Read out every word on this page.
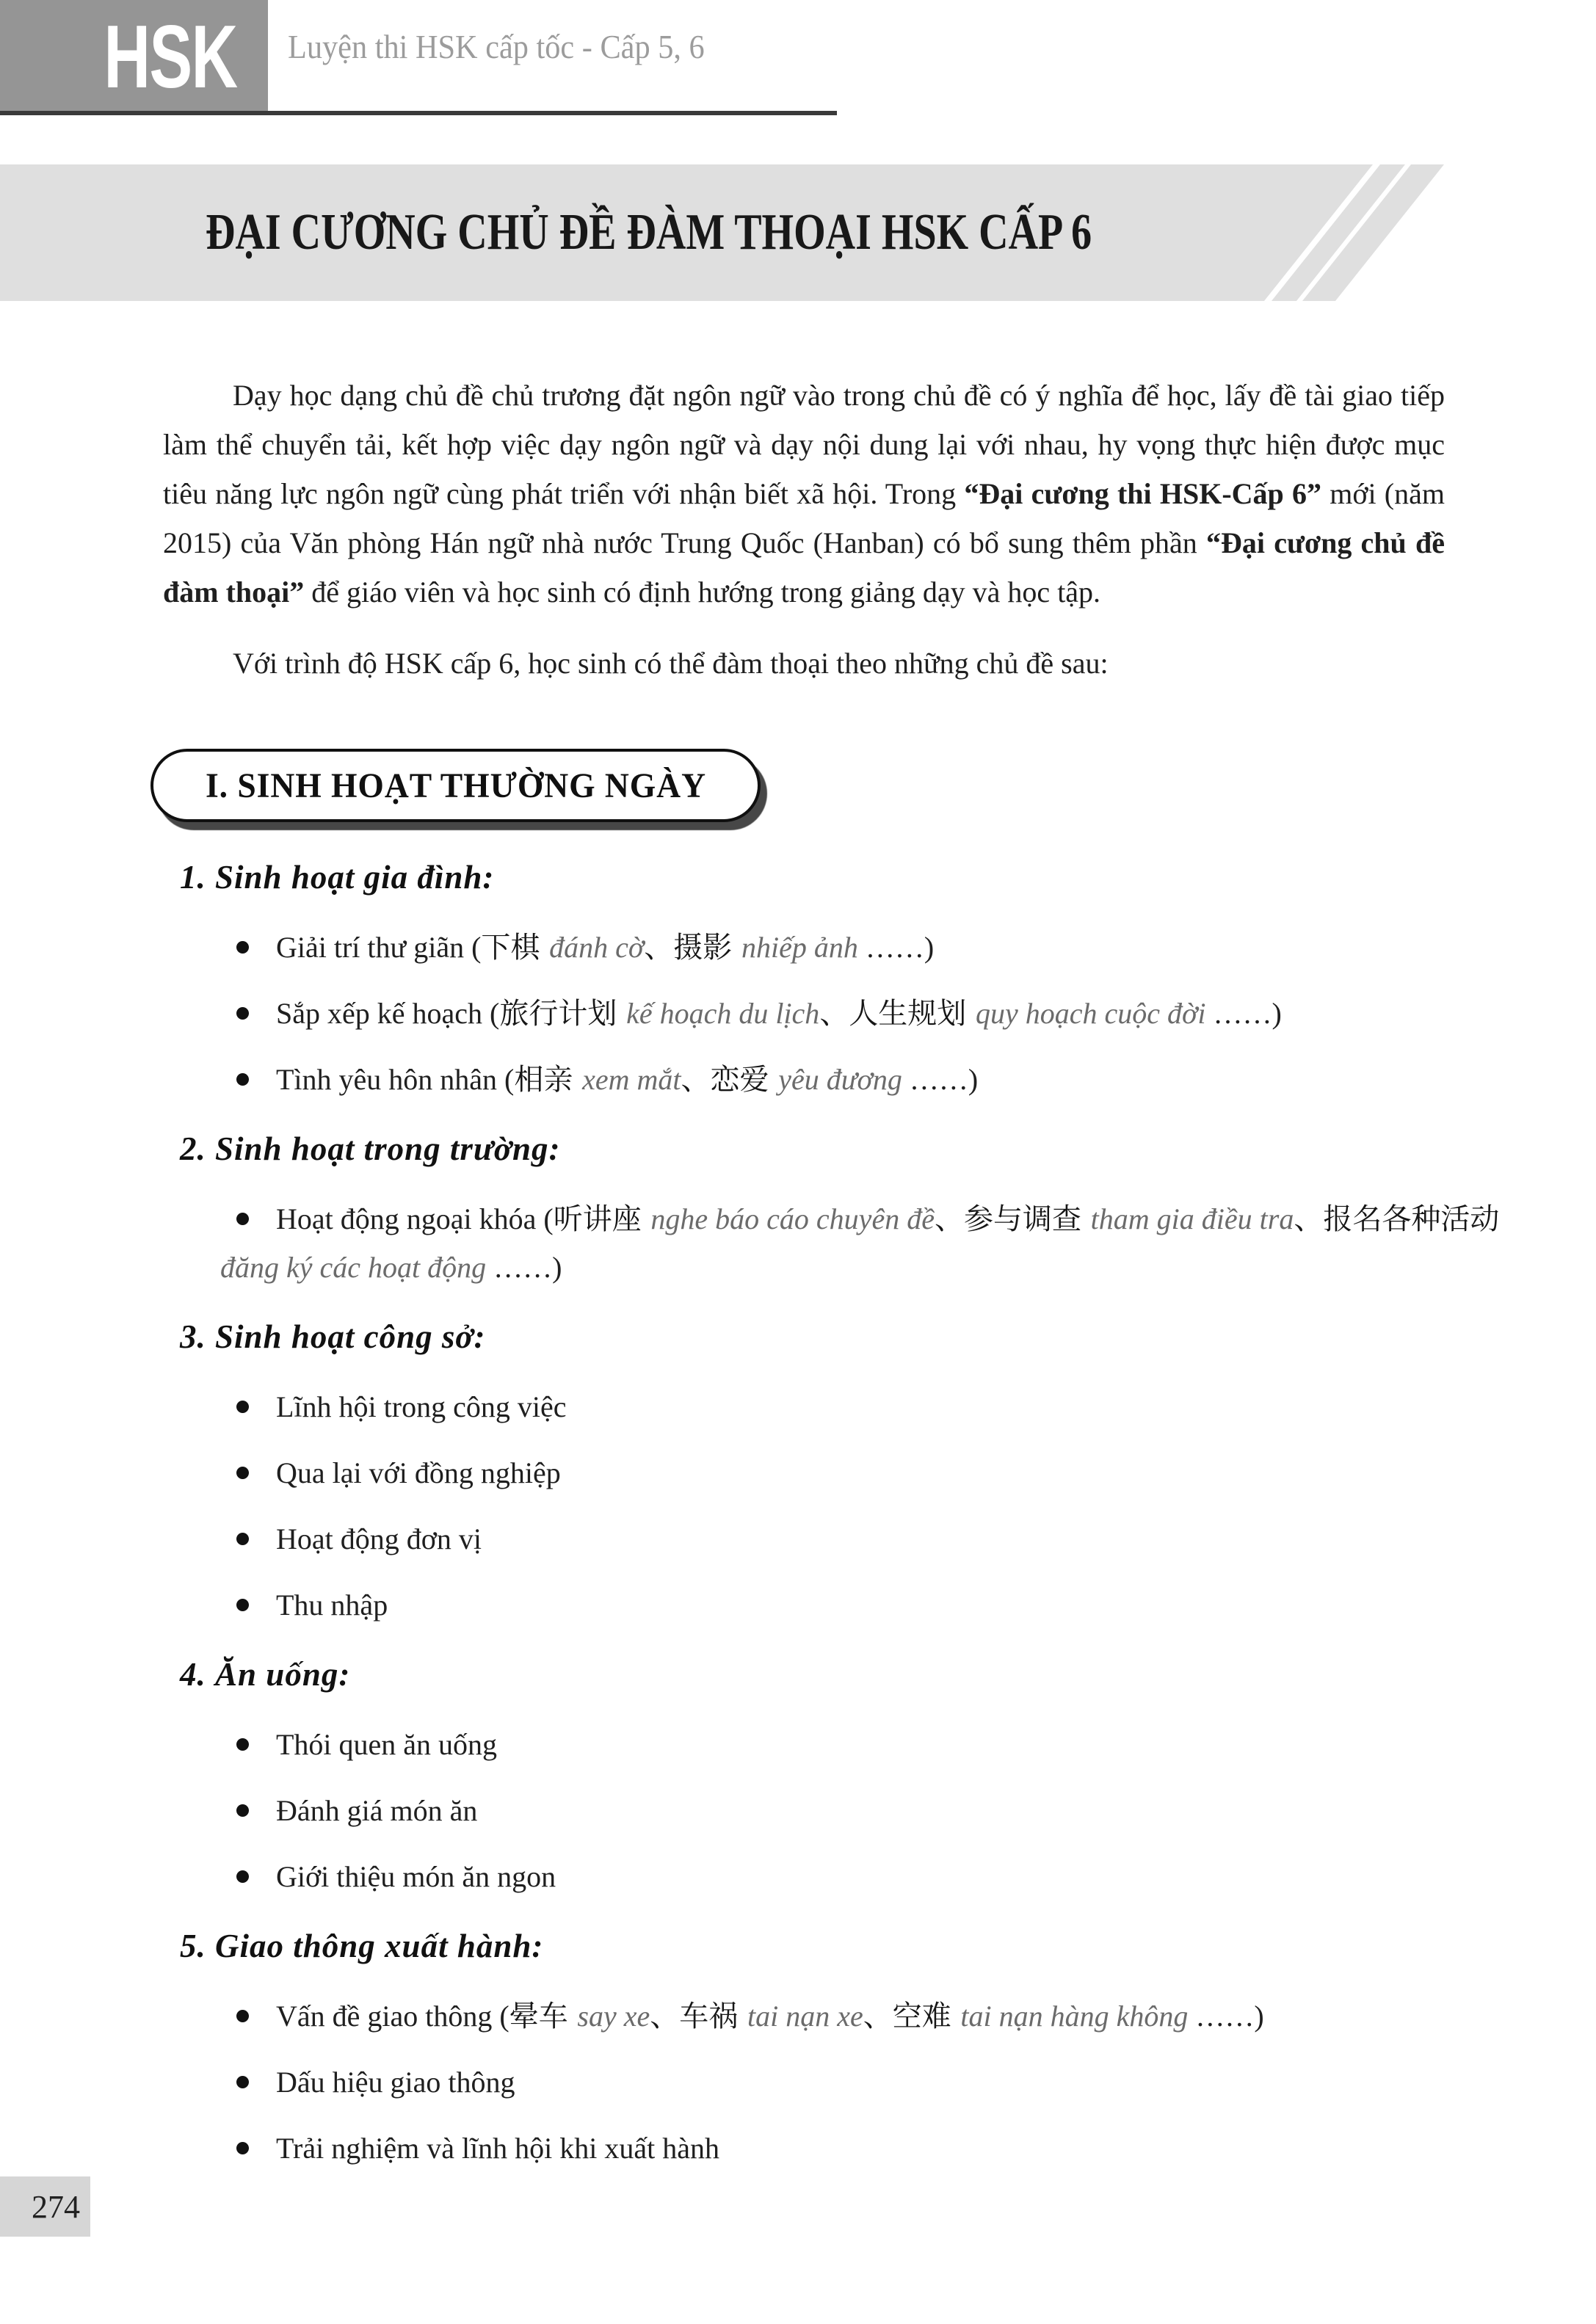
HSK Luyện thi HSK cấp tốc - Cấp 5, 6
ĐẠI CƯƠNG CHỦ ĐỀ ĐÀM THOẠI HSK CẤP 6

Dạy học dạng chủ đề chủ trương đặt ngôn ngữ vào trong chủ đề có ý nghĩa để học, lấy đề tài giao tiếp làm thể chuyển tải, kết hợp việc dạy ngôn ngữ và dạy nội dung lại với nhau, hy vọng thực hiện được mục tiêu năng lực ngôn ngữ cùng phát triển với nhận biết xã hội. Trong “Đại cương thi HSK-Cấp 6” mới (năm 2015) của Văn phòng Hán ngữ nhà nước Trung Quốc (Hanban) có bổ sung thêm phần “Đại cương chủ đề đàm thoại” để giáo viên và học sinh có định hướng trong giảng dạy và học tập.

Với trình độ HSK cấp 6, học sinh có thể đàm thoại theo những chủ đề sau:

I. SINH HOẠT THƯỜNG NGÀY
1. Sinh hoạt gia đình:
Giải trí thư giãn (下棋 đánh cờ、摄影 nhiếp ảnh ……)
Sắp xếp kế hoạch (旅行计划 kế hoạch du lịch、人生规划 quy hoạch cuộc đời ……)
Tình yêu hôn nhân (相亲 xem mắt、恋爱 yêu đương ……)
2. Sinh hoạt trong trường:
Hoạt động ngoại khóa (听讲座 nghe báo cáo chuyên đề、参与调查 tham gia điều tra、报名各种活动 đăng ký các hoạt động ……)
3. Sinh hoạt công sở:
Lĩnh hội trong công việc
Qua lại với đồng nghiệp
Hoạt động đơn vị
Thu nhập
4. Ăn uống:
Thói quen ăn uống
Đánh giá món ăn
Giới thiệu món ăn ngon
5. Giao thông xuất hành:
Vấn đề giao thông (晕车 say xe、车祸 tai nạn xe、空难 tai nạn hàng không ……)
Dấu hiệu giao thông
Trải nghiệm và lĩnh hội khi xuất hành
274
